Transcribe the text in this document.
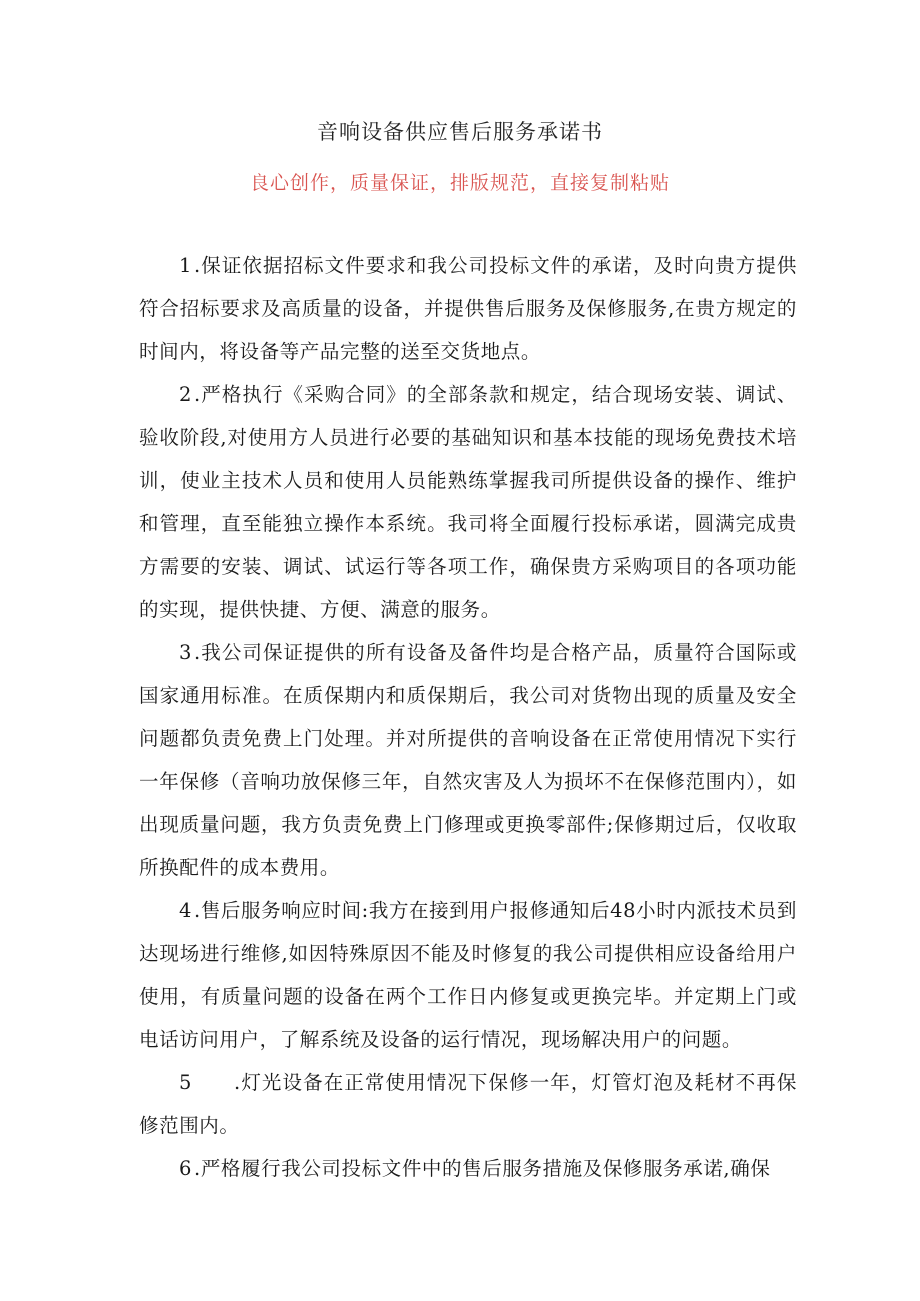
音响设备供应售后服务承诺书
良心创作，质量保证，排版规范，直接复制粘贴

1 .保证依据招标文件要求和我公司投标文件的承诺，及时向贵方提供符合招标要求及高质量的设备，并提供售后服务及保修服务,在贵方规定的时间内，将设备等产品完整的送至交货地点。

2 .严格执行《采购合同》的全部条款和规定，结合现场安装、调试、验收阶段,对使用方人员进行必要的基础知识和基本技能的现场免费技术培训，使业主技术人员和使用人员能熟练掌握我司所提供设备的操作、维护和管理，直至能独立操作本系统。我司将全面履行投标承诺，圆满完成贵方需要的安装、调试、试运行等各项工作，确保贵方采购项目的各项功能的实现，提供快捷、方便、满意的服务。

3 .我公司保证提供的所有设备及备件均是合格产品，质量符合国际或国家通用标准。在质保期内和质保期后，我公司对货物出现的质量及安全问题都负责免费上门处理。并对所提供的音响设备在正常使用情况下实行一年保修（音响功放保修三年，自然灾害及人为损坏不在保修范围内），如出现质量问题，我方负责免费上门修理或更换零部件;保修期过后，仅收取所换配件的成本费用。

4 .售后服务响应时间:我方在接到用户报修通知后48小时内派技术员到达现场进行维修,如因特殊原因不能及时修复的我公司提供相应设备给用户使用，有质量问题的设备在两个工作日内修复或更换完毕。并定期上门或电话访问用户，了解系统及设备的运行情况，现场解决用户的问题。

5 .灯光设备在正常使用情况下保修一年，灯管灯泡及耗材不再保修范围内。

6 .严格履行我公司投标文件中的售后服务措施及保修服务承诺,确保
